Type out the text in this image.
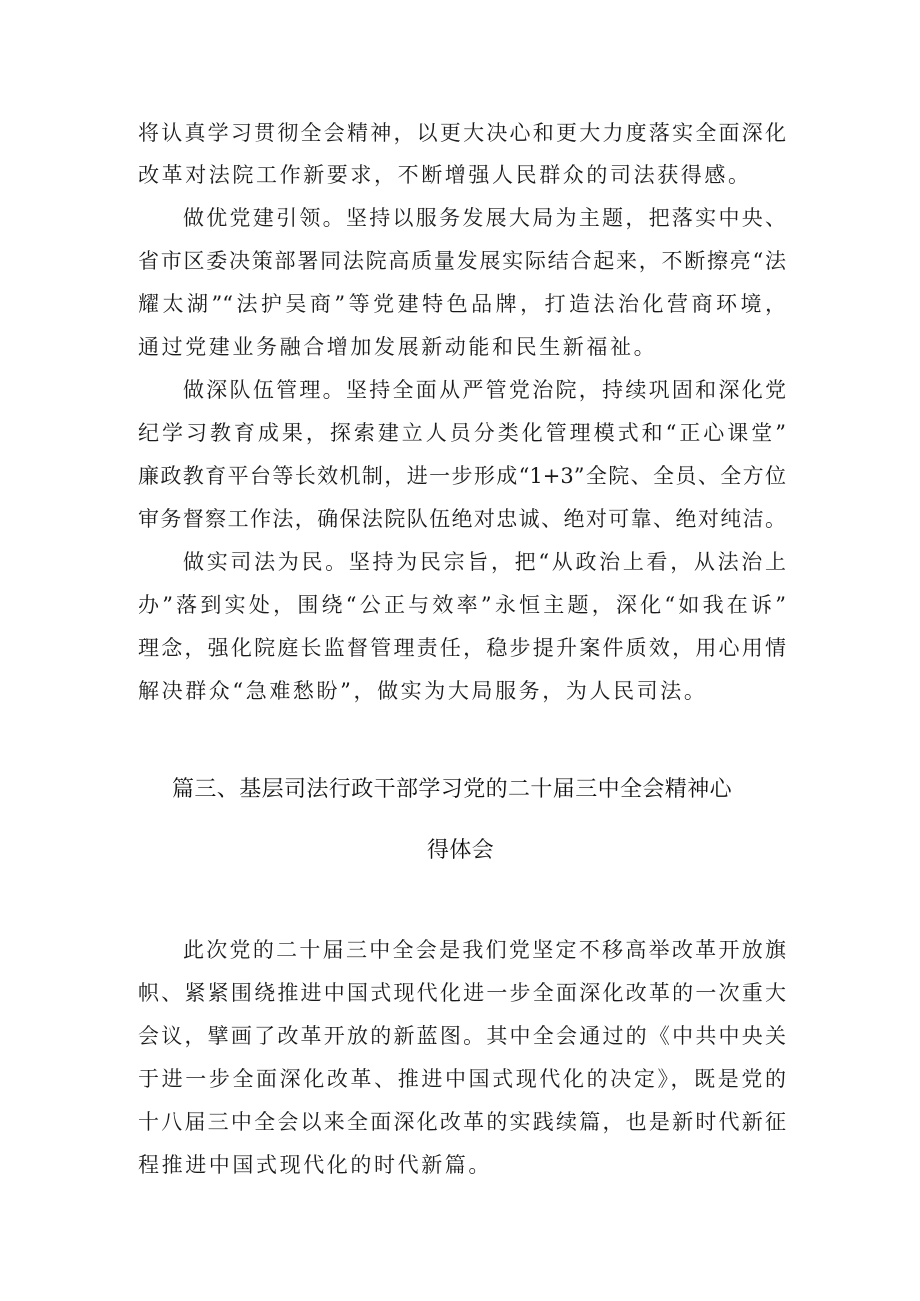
将认真学习贯彻全会精神，以更大决心和更大力度落实全面深化
改革对法院工作新要求，不断增强人民群众的司法获得感。
做优党建引领。坚持以服务发展大局为主题，把落实中央、
省市区委决策部署同法院高质量发展实际结合起来，不断擦亮“法
耀太湖”“法护吴商”等党建特色品牌，打造法治化营商环境，
通过党建业务融合增加发展新动能和民生新福祉。
做深队伍管理。坚持全面从严管党治院，持续巩固和深化党
纪学习教育成果，探索建立人员分类化管理模式和“正心课堂”
廉政教育平台等长效机制，进一步形成“1+3”全院、全员、全方位
审务督察工作法，确保法院队伍绝对忠诚、绝对可靠、绝对纯洁。
做实司法为民。坚持为民宗旨，把“从政治上看，从法治上
办”落到实处，围绕“公正与效率”永恒主题，深化“如我在诉”
理念，强化院庭长监督管理责任，稳步提升案件质效，用心用情
解决群众“急难愁盼”，做实为大局服务，为人民司法。
篇三、基层司法行政干部学习党的二十届三中全会精神心
得体会
此次党的二十届三中全会是我们党坚定不移高举改革开放旗
帜、紧紧围绕推进中国式现代化进一步全面深化改革的一次重大
会议，擘画了改革开放的新蓝图。其中全会通过的《中共中央关
于进一步全面深化改革、推进中国式现代化的决定》，既是党的
十八届三中全会以来全面深化改革的实践续篇，也是新时代新征
程推进中国式现代化的时代新篇。
